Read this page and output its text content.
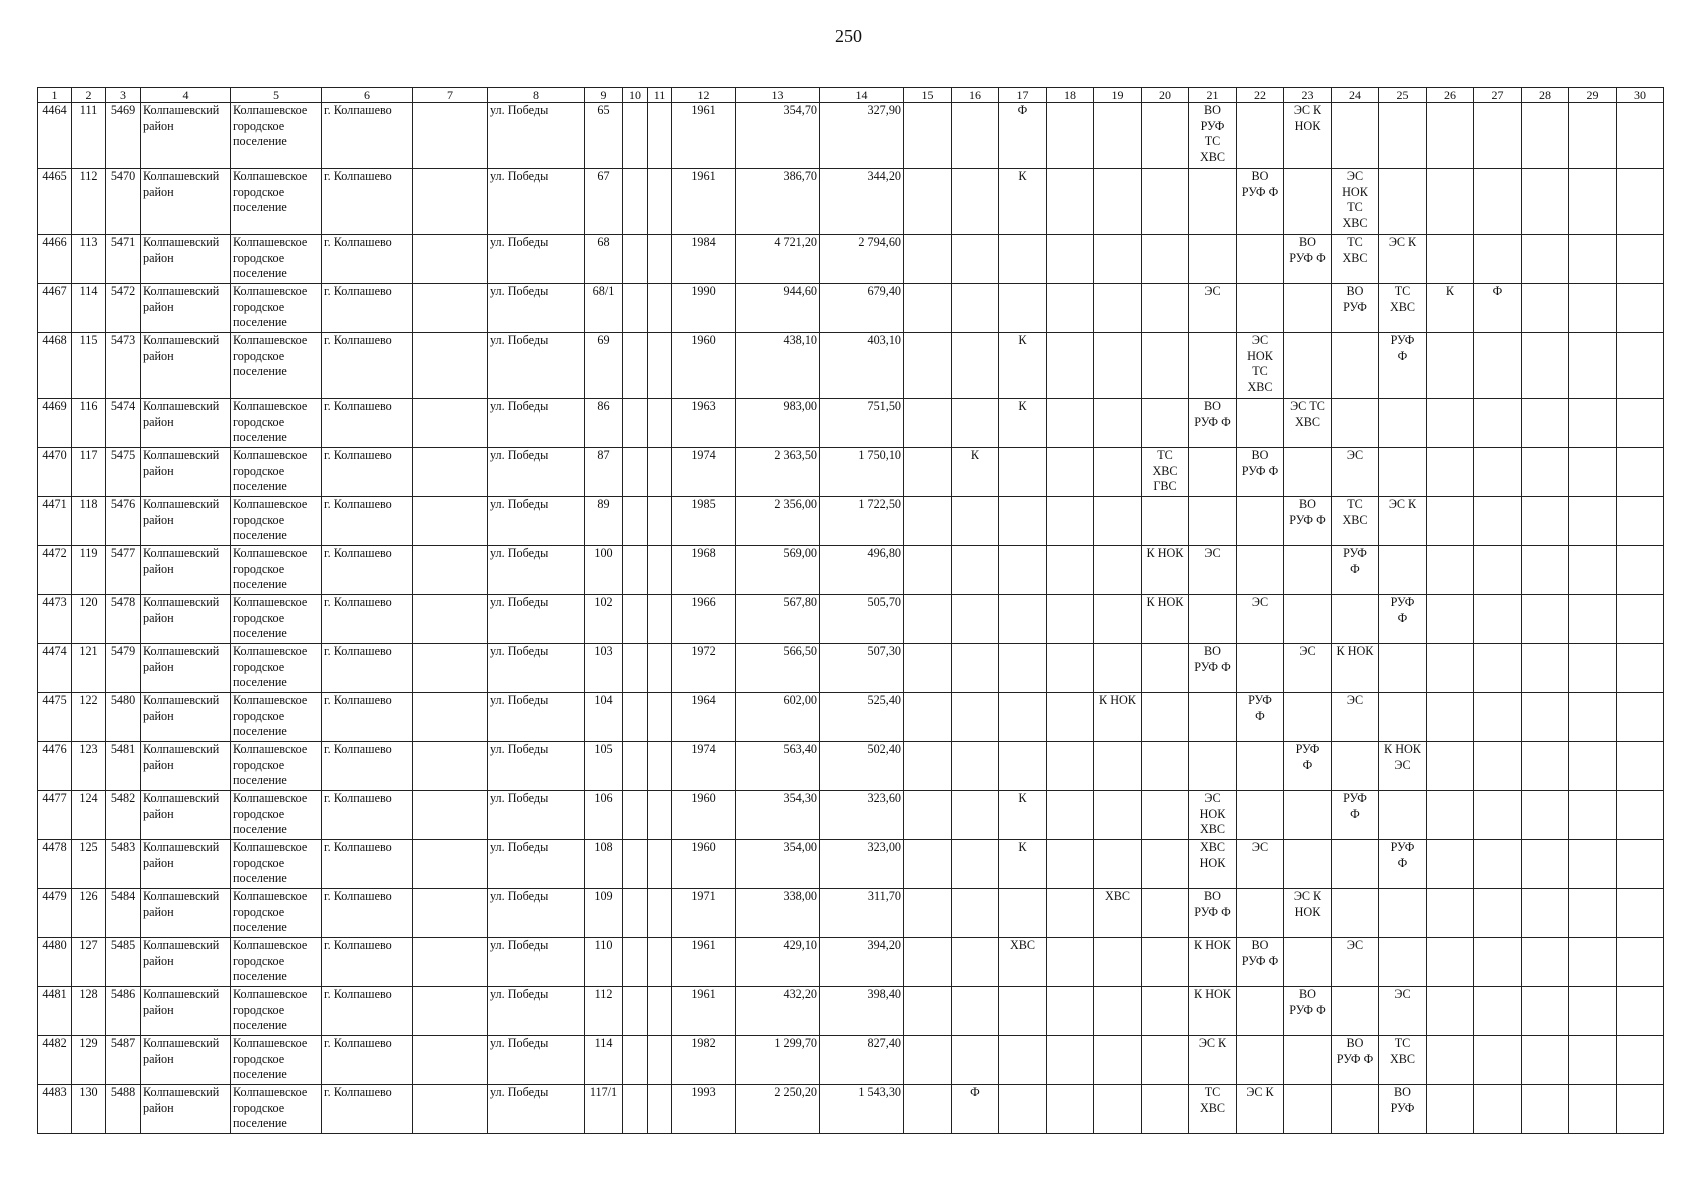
250
1	2	3	4	5	6	7	8	9	10	11	12	13	14	15	16	17	18	19	20	21	22	23	24	25	26	27	28	29	30
4464	111	5469	Колпашевский район	Колпашевское городское поселение	г. Колпашево		ул. Победы	65			1961	354,70	327,90			Ф				ВО
РУФ
ТС
ХВС		ЭС К
НОК							
4465	112	5470	Колпашевский район	Колпашевское городское поселение	г. Колпашево		ул. Победы	67			1961	386,70	344,20			К					ВО
РУФ Ф		ЭС
НОК
ТС
ХВС						
4466	113	5471	Колпашевский район	Колпашевское городское поселение	г. Колпашево		ул. Победы	68			1984	4 721,20	2 794,60									ВО
РУФ Ф	ТС
ХВС	ЭС К					
4467	114	5472	Колпашевский район	Колпашевское городское поселение	г. Колпашево		ул. Победы	68/1			1990	944,60	679,40							ЭС			ВО
РУФ	ТС
ХВС	К	Ф			
4468	115	5473	Колпашевский район	Колпашевское городское поселение	г. Колпашево		ул. Победы	69			1960	438,10	403,10			К					ЭС
НОК
ТС
ХВС			РУФ
Ф					
4469	116	5474	Колпашевский район	Колпашевское городское поселение	г. Колпашево		ул. Победы	86			1963	983,00	751,50			К				ВО
РУФ Ф		ЭС ТС
ХВС							
4470	117	5475	Колпашевский район	Колпашевское городское поселение	г. Колпашево		ул. Победы	87			1974	2 363,50	1 750,10		К				ТС
ХВС
ГВС		ВО
РУФ Ф		ЭС						
4471	118	5476	Колпашевский район	Колпашевское городское поселение	г. Колпашево		ул. Победы	89			1985	2 356,00	1 722,50									ВО
РУФ Ф	ТС
ХВС	ЭС К					
4472	119	5477	Колпашевский район	Колпашевское городское поселение	г. Колпашево		ул. Победы	100			1968	569,00	496,80						К НОК	ЭС			РУФ
Ф						
4473	120	5478	Колпашевский район	Колпашевское городское поселение	г. Колпашево		ул. Победы	102			1966	567,80	505,70						К НОК		ЭС			РУФ
Ф					
4474	121	5479	Колпашевский район	Колпашевское городское поселение	г. Колпашево		ул. Победы	103			1972	566,50	507,30							ВО
РУФ Ф		ЭС	К НОК						
4475	122	5480	Колпашевский район	Колпашевское городское поселение	г. Колпашево		ул. Победы	104			1964	602,00	525,40					К НОК			РУФ
Ф		ЭС						
4476	123	5481	Колпашевский район	Колпашевское городское поселение	г. Колпашево		ул. Победы	105			1974	563,40	502,40									РУФ
Ф		К НОК
ЭС					
4477	124	5482	Колпашевский район	Колпашевское городское поселение	г. Колпашево		ул. Победы	106			1960	354,30	323,60			К				ЭС
НОК
ХВС			РУФ
Ф						
4478	125	5483	Колпашевский район	Колпашевское городское поселение	г. Колпашево		ул. Победы	108			1960	354,00	323,00			К				ХВС
НОК	ЭС			РУФ
Ф					
4479	126	5484	Колпашевский район	Колпашевское городское поселение	г. Колпашево		ул. Победы	109			1971	338,00	311,70					ХВС		ВО
РУФ Ф		ЭС К
НОК							
4480	127	5485	Колпашевский район	Колпашевское городское поселение	г. Колпашево		ул. Победы	110			1961	429,10	394,20			ХВС				К НОК	ВО
РУФ Ф		ЭС						
4481	128	5486	Колпашевский район	Колпашевское городское поселение	г. Колпашево		ул. Победы	112			1961	432,20	398,40							К НОК		ВО
РУФ Ф		ЭС					
4482	129	5487	Колпашевский район	Колпашевское городское поселение	г. Колпашево		ул. Победы	114			1982	1 299,70	827,40							ЭС К			ВО
РУФ Ф	ТС
ХВС					
4483	130	5488	Колпашевский район	Колпашевское городское поселение	г. Колпашево		ул. Победы	117/1			1993	2 250,20	1 543,30		Ф					ТС
ХВС	ЭС К			ВО
РУФ					
